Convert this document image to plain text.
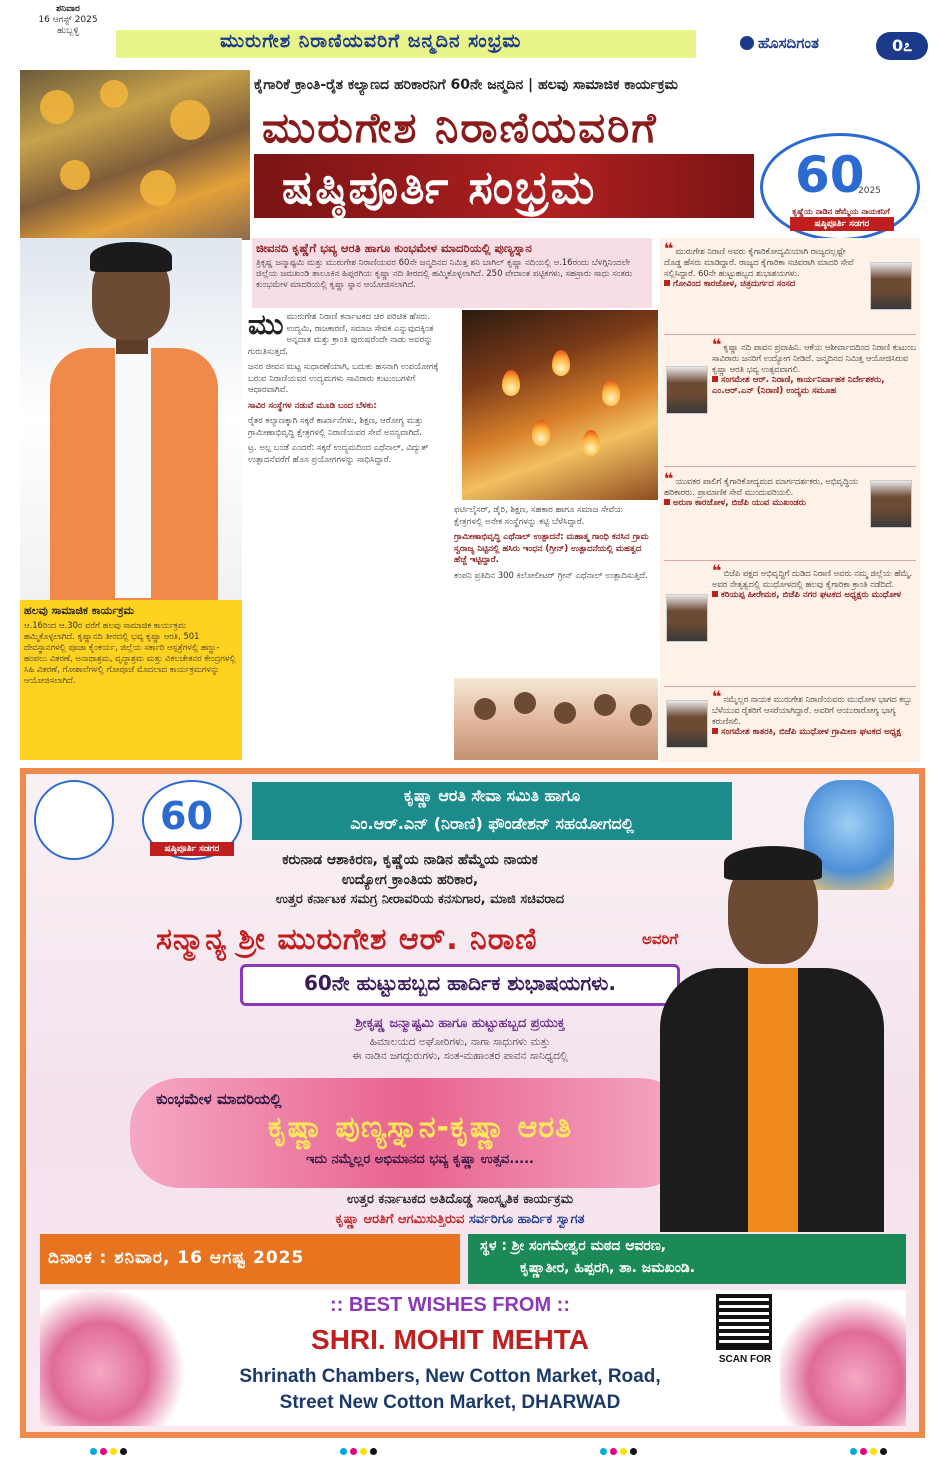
ಶನಿವಾರ
16 ಆಗಸ್ಟ್ 2025
ಹುಬ್ಬಳ್ಳಿ	ಮುರುಗೇಶ ನಿರಾಣಿಯವರಿಗೆ ಜನ್ಮದಿನ ಸಂಭ್ರಮ	ಹೊಸದಿಗಂತ	0೭
ಕೈಗಾರಿಕೆ ಕ್ರಾಂತಿ-ರೈತ ಕಲ್ಯಾಣದ ಹರಿಕಾರನಿಗೆ 60ನೇ ಜನ್ಮದಿನ | ಹಲವು ಸಾಮಾಜಿಕ ಕಾರ್ಯಕ್ರಮ
ಮುರುಗೇಶ ನಿರಾಣಿಯವರಿಗೆ
ಷಷ್ಠಿಪೂರ್ತಿ ಸಂಭ್ರಮ	60
2025
ಕೃಷ್ಣೆಯ ನಾಡಿನ ಹೆಮ್ಮೆಯ ನಾಯಕನಿಗೆ
ಷಷ್ಠಿಪೂರ್ತಿ ಸಡಗರ
ಜೀವನದಿ ಕೃಷ್ಣೆಗೆ ಭವ್ಯ ಆರತಿ ಹಾಗೂ ಕುಂಭಮೇಳ ಮಾದರಿಯಲ್ಲಿ ಪುಣ್ಯಸ್ನಾನ
ತ್ರಿಕೃಷ್ಣ ಜನ್ಮಾಷ್ಟಮಿ ಮತ್ತು ಮುರುಗೇಶ ನಿರಾಣಿಯವರ 60ನೇ ಜನ್ಮದಿನದ ನಿಮಿತ್ತ ಶನಿ ಬಾಗಿಲ್ ಕೃಷ್ಣಾ ನದಿಯಲ್ಲಿ ಆ.16ರಂದು ಬೆಳಗ್ಗಿನಿಂದಲೇ ಜಿಲ್ಲೆಯ ಜಮಖಂಡಿ ತಾಲೂಕಿನ ಹಿಪ್ಪರಗಿಯ ಕೃಷ್ಣಾ ನದಿ ತೀರದಲ್ಲಿ ಹಮ್ಮಿಕೊಳ್ಳಲಾಗಿದೆ. 250 ವೇದಾಂತ ಪಟ್ಟಿಕಗಳು, ಸಹಸ್ರಾರು ಸಾಧು ಸಂತರು ಕುಂಭಮೇಳ ಮಾದರಿಯಲ್ಲಿ ಕೃಷ್ಣಾ ಸ್ನಾನ ಆಯೋಜಿಸಲಾಗಿದೆ.

ಮುಮುರುಗೇಶ ನಿರಾಣಿ ಕರ್ನಾಟಕದ ಚಿರ ಪರಿಚಿತ ಹೆಸರು. ಉದ್ಯಮಿ, ರಾಜಕಾರಣಿ, ಸಮಾಜ ಸೇವಕ ಎನ್ನುವುದಕ್ಕಿಂತ ಅನ್ನದಾತ ಮತ್ತು ಕ್ರಾಂತಿ ಪುರುಷರೆಂದೇ ನಾಡು ಅವರನ್ನು ಗುರುತಿಸುತ್ತದೆ.

ಜನರ ಜೀವನ ಮಟ್ಟ ಸುಧಾರಣೆಯಾಗಿ, ಬದುಕು ಹಸನಾಗಿ ಉಪಯೋಗಕ್ಕೆ ಬರುವ ನಿರಾಣಿಯವರ ಉದ್ಯಮಗಳು ಸಾವಿರಾರು ಕುಟುಂಬಗಳಿಗೆ ಆಧಾರವಾಗಿವೆ.

ಸಾವಿರ ಸಂಸ್ಥೆಗಳ ನಡುವೆ ಮೂಡಿ ಬಂದ ಬೆಳಕು:

ರೈತರ ಕಲ್ಯಾಣಕ್ಕಾಗಿ ಸಕ್ಕರೆ ಕಾರ್ಖಾನೆಗಳು, ಶಿಕ್ಷಣ, ಆರೋಗ್ಯ ಮತ್ತು ಗ್ರಾಮೀಣಾಭಿವೃದ್ಧಿ ಕ್ಷೇತ್ರಗಳಲ್ಲಿ ನಿರಾಣಿಯವರ ಸೇವೆ ಅನನ್ಯವಾಗಿದೆ.

ಟ್ರ. ಅಲ್ಪ ಬಂಡೆ ಎಂದರೆ: ಸಕ್ಕರೆ ಉದ್ಯಮದಿಂದ ಎಥೆನಾಲ್, ವಿದ್ಯುತ್ ಉತ್ಪಾದನೆವರೆಗೆ ಹೊಸ ಪ್ರಯೋಗಗಳನ್ನು ಸಾಧಿಸಿದ್ದಾರೆ.

ಫರ್ಟಿಲೈಸರ್, ಡೈರಿ, ಶಿಕ್ಷಣ, ಸಹಕಾರ ಹಾಗೂ ಸಮಾಜ ಸೇವೆಯ ಕ್ಷೇತ್ರಗಳಲ್ಲಿ ಅನೇಕ ಸಂಸ್ಥೆಗಳನ್ನು ಕಟ್ಟಿ ಬೆಳೆಸಿದ್ದಾರೆ.

ಗ್ರಾಮೀಣಾಭಿವೃದ್ಧಿ ಎಥೆನಾಲ್ ಉತ್ಪಾದನೆ: ಮಹಾತ್ಮ ಗಾಂಧಿ ಕನಸಿನ ಗ್ರಾಮ ಸ್ವರಾಜ್ಯ ನಿಟ್ಟಿನಲ್ಲಿ ಹಸಿರು ಇಂಧನ (ಗ್ರೀನ್) ಉತ್ಪಾದನೆಯಲ್ಲಿ ಮಹತ್ವದ ಹೆಜ್ಜೆ ಇಟ್ಟಿದ್ದಾರೆ.

ಕಂಪನಿ ಪ್ರತಿದಿನ 300 ಕಿಲೋಲೀಟರ್ ಗ್ರೀನ್ ಎಥೆನಾಲ್ ಉತ್ಪಾದಿಸುತ್ತಿದೆ.

ಹಲವು ಸಾಮಾಜಿಕ ಕಾರ್ಯಕ್ರಮ
ಆ.16ರಿಂದ ಆ.30ರ ವರೆಗೆ ಹಲವು ಸಾಮಾಜಿಕ ಕಾರ್ಯಕ್ರಮ ಹಮ್ಮಿಕೊಳ್ಳಲಾಗಿದೆ. ಕೃಷ್ಣಾನದಿ ತೀರದಲ್ಲಿ ಭವ್ಯ ಕೃಷ್ಣಾ ಆರತಿ, 501 ದೇವಸ್ಥಾನಗಳಲ್ಲಿ ಪೂಜಾ ಕೈಂಕರ್ಯ, ಜಿಲ್ಲೆಯ ಸರ್ಕಾರಿ ಆಸ್ಪತ್ರೆಗಳಲ್ಲಿ ಹಣ್ಣು-ಹಂಪಲು ವಿತರಣೆ, ಅನಾಥಾಶ್ರಮ, ವೃದ್ಧಾಶ್ರಮ ಮತ್ತು ವಿಕಲಚೇತನರ ಕೇಂದ್ರಗಳಲ್ಲಿ ಸಿಹಿ ವಿತರಣೆ, ಗೋಶಾಲೆಗಳಲ್ಲಿ ಗೋಪೂಜೆ ಮೊದಲಾದ ಕಾರ್ಯಕ್ರಮಗಳನ್ನು ಆಯೋಜಿಸಲಾಗಿದೆ.
❝ ಮುರುಗೇಶ ನಿರಾಣಿ ಅವರು ಕೈಗಾರಿಕೋದ್ಯಮಿಯಾಗಿ ರಾಜ್ಯದಲ್ಲಷ್ಟೇ ದೊಡ್ಡ ಹೆಸರು ಮಾಡಿದ್ದಾರೆ. ರಾಜ್ಯದ ಕೈಗಾರಿಕಾ ಸಚಿವರಾಗಿ ಮಾದರಿ ಸೇವೆ ಸಲ್ಲಿಸಿದ್ದಾರೆ. 60ನೇ ಹುಟ್ಟುಹಬ್ಬದ ಶುಭಾಶಯಗಳು.
ಗೋವಿಂದ ಕಾರಜೋಳ, ಚಿತ್ರದುರ್ಗದ ಸಂಸದ
❝ ಕೃಷ್ಣಾ ನದಿ ಪಾವನ ಪ್ರವಾಹಿನಿ. ಆಕೆಯ ಆಶೀರ್ವಾದದಿಂದ ನಿರಾಣಿ ಕುಟುಂಬ ಸಾವಿರಾರು ಜನರಿಗೆ ಉದ್ಯೋಗ ನೀಡಿದೆ. ಜನ್ಮದಿನದ ನಿಮಿತ್ತ ಆಯೋಜಿಸಿರುವ ಕೃಷ್ಣಾ ಆರತಿ ಭವ್ಯ ಉತ್ಸವವಾಗಲಿ.
ಸಂಗಮೇಶ ಆರ್. ನಿರಾಣಿ, ಕಾರ್ಯನಿರ್ವಾಹಕ ನಿರ್ದೇಶಕರು, ಎಂ.ಆರ್.ಎನ್ (ನಿರಾಣಿ) ಉದ್ಯಮ ಸಮೂಹ
❝ ಯುವಕರ ಪಾಲಿಗೆ ಕೈಗಾರಿಕೋದ್ಯಮದ ಮಾರ್ಗದರ್ಶಕರು, ಅಭಿವೃದ್ಧಿಯ ಹರಿಕಾರರು. ಪ್ರಾಮಾಣಿಕ ಸೇವೆ ಮುಂದುವರಿಯಲಿ.
ಅರುಣ ಕಾರಜೋಳ, ಬಿಜೆಪಿ ಯುವ ಮುಖಂಡರು
❝ ಬಿಜೆಪಿ ಪಕ್ಷದ ಅಭಿವೃದ್ಧಿಗೆ ದುಡಿದ ನಿರಾಣಿ ಅವರು ನಮ್ಮ ಜಿಲ್ಲೆಯ ಹೆಮ್ಮೆ. ಅವರ ನೇತೃತ್ವದಲ್ಲಿ ಮುಧೋಳದಲ್ಲಿ ಹಲವು ಕೈಗಾರಿಕಾ ಕ್ರಾಂತಿ ನಡೆದಿದೆ.
ಕರಿಯಪ್ಪ ಹೀರೇಮಠ, ಬಿಜೆಪಿ ನಗರ ಘಟಕದ ಅಧ್ಯಕ್ಷರು ಮುಧೋಳ
❝ ನಮ್ಮೆಲ್ಲರ ನಾಯಕ ಮುರುಗೇಶ ನಿರಾಣಿಯವರು ಮುಧೋಳ ಭಾಗದ ಕಬ್ಬು ಬೆಳೆಯುವ ರೈತರಿಗೆ ಆಸರೆಯಾಗಿದ್ದಾರೆ. ಅವರಿಗೆ ಆಯುರಾರೋಗ್ಯ ಭಾಗ್ಯ ಕರುಣಿಸಲಿ.
ಸಂಗಮೇಶ ಕಾತರಕಿ, ಬಿಜೆಪಿ ಮುಧೋಳ ಗ್ರಾಮೀಣ ಘಟಕದ ಅಧ್ಯಕ್ಷ
60
ಷಷ್ಠಿಪೂರ್ತಿ ಸಡಗರ
ಕೃಷ್ಣಾ ಆರತಿ ಸೇವಾ ಸಮಿತಿ ಹಾಗೂ
ಎಂ.ಆರ್.ಎನ್ (ನಿರಾಣಿ) ಫೌಂಡೇಶನ್ ಸಹಯೋಗದಲ್ಲಿ
ಕರುನಾಡ ಆಶಾಕಿರಣ, ಕೃಷ್ಣೆಯ ನಾಡಿನ ಹೆಮ್ಮೆಯ ನಾಯಕ
ಉದ್ಯೋಗ ಕ್ರಾಂತಿಯ ಹರಿಕಾರ,
ಉತ್ತರ ಕರ್ನಾಟಕ ಸಮಗ್ರ ನೀರಾವರಿಯ ಕನಸುಗಾರ, ಮಾಜಿ ಸಚಿವರಾದ
ಸನ್ಮಾನ್ಯ ಶ್ರೀ ಮುರುಗೇಶ ಆರ್. ನಿರಾಣಿ	ಅವರಿಗೆ
60ನೇ ಹುಟ್ಟುಹಬ್ಬದ ಹಾರ್ದಿಕ ಶುಭಾಷಯಗಳು.
ಶ್ರೀಕೃಷ್ಣ ಜನ್ಮಾಷ್ಟಮಿ ಹಾಗೂ ಹುಟ್ಟುಹಬ್ಬದ ಪ್ರಯುಕ್ತ
ಹಿಮಾಲಯದ ಅಘೋರಿಗಳು, ನಾಗಾ ಸಾಧುಗಳು ಮತ್ತು
ಈ ನಾಡಿನ ಜಗದ್ಗುರುಗಳು, ಸಂತ-ಮಹಾಂತರ ಪಾವನ ಸಾನಿಧ್ಯದಲ್ಲಿ
ಕುಂಭಮೇಳ ಮಾದರಿಯಲ್ಲಿ
ಕೃಷ್ಣಾ ಪುಣ್ಯಸ್ನಾನ-ಕೃಷ್ಣಾ ಆರತಿ
ಇದು ನಮ್ಮೆಲ್ಲರ ಅಭಿಮಾನದ ಭವ್ಯ ಕೃಷ್ಣಾ ಉತ್ಸವ.....
ಉತ್ತರ ಕರ್ನಾಟಕದ ಅತಿದೊಡ್ಡ ಸಾಂಸ್ಕೃತಿಕ ಕಾರ್ಯಕ್ರಮ
ಕೃಷ್ಣಾ ಆರತಿಗೆ ಆಗಮಿಸುತ್ತಿರುವ ಸರ್ವರಿಗೂ ಹಾರ್ದಿಕ ಸ್ವಾಗತ
ದಿನಾಂಕ : ಶನಿವಾರ, 16 ಆಗಷ್ಟ 2025
ಸ್ಥಳ : ಶ್ರೀ ಸಂಗಮೇಶ್ವರ ಮಠದ ಆವರಣ,
ಕೃಷ್ಣಾತೀರ, ಹಿಪ್ಪರಗಿ, ತಾ. ಜಮಖಂಡಿ.
:: BEST WISHES FROM ::
SHRI. MOHIT MEHTA
Shrinath Chambers, New Cotton Market, Road,
Street New Cotton Market, DHARWAD
SCAN FOR
